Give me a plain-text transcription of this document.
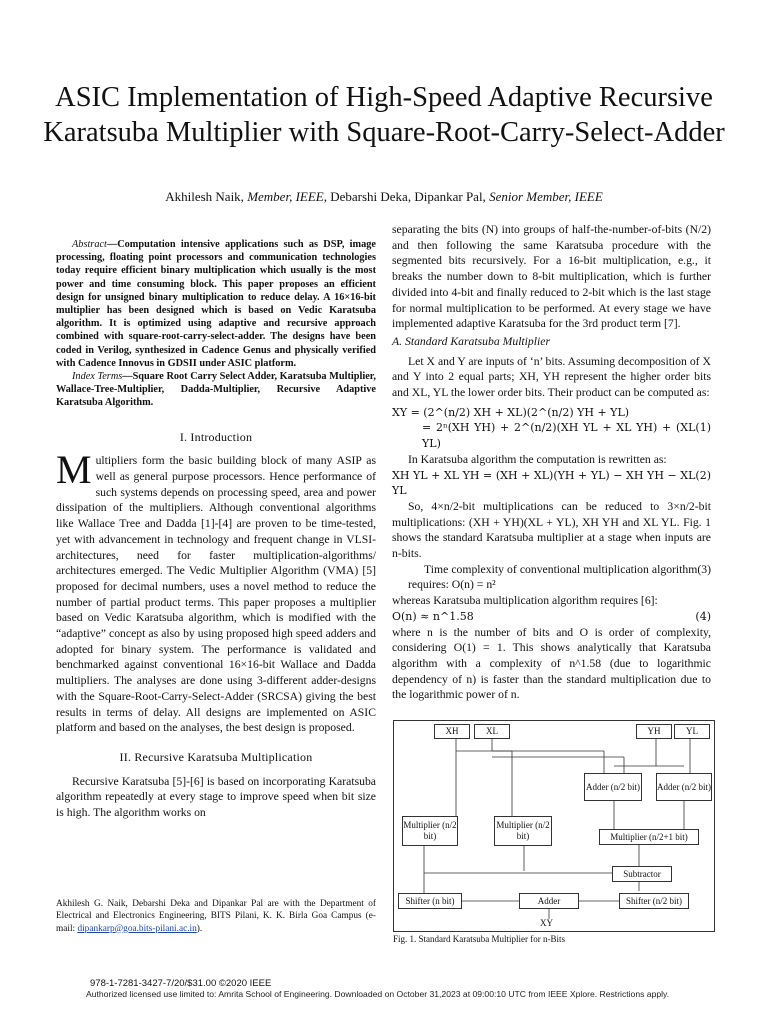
ASIC Implementation of High-Speed Adaptive Recursive Karatsuba Multiplier with Square-Root-Carry-Select-Adder
Akhilesh Naik, Member, IEEE, Debarshi Deka, Dipankar Pal, Senior Member, IEEE

Abstract—Computation intensive applications such as DSP, image processing, floating point processors and communication technologies today require efficient binary multiplication which usually is the most power and time consuming block. This paper proposes an efficient design for unsigned binary multiplication to reduce delay. A 16×16-bit multiplier has been designed which is based on Vedic Karatsuba algorithm. It is optimized using adaptive and recursive approach combined with square-root-carry-select-adder. The designs have been coded in Verilog, synthesized in Cadence Genus and physically verified with Cadence Innovus in GDSII under ASIC platform.

Index Terms—Square Root Carry Select Adder, Karatsuba Multiplier, Wallace-Tree-Multiplier, Dadda-Multiplier, Recursive Adaptive Karatsuba Algorithm.

I. Introduction

Multipliers form the basic building block of many ASIP as well as general purpose processors. Hence performance of such systems depends on processing speed, area and power dissipation of the multipliers. Although conventional algorithms like Wallace Tree and Dadda [1]-[4] are proven to be time-tested, yet with advancement in technology and frequent change in VLSI-architectures, need for faster multiplication-algorithms/ architectures emerged. The Vedic Multiplier Algorithm (VMA) [5] proposed for decimal numbers, uses a novel method to reduce the number of partial product terms. This paper proposes a multiplier based on Vedic Karatsuba algorithm, which is modified with the “adaptive” concept as also by using proposed high speed adders and adopted for binary system. The performance is validated and benchmarked against conventional 16×16-bit Wallace and Dadda multipliers. The analyses are done using 3-different adder-designs with the Square-Root-Carry-Select-Adder (SRCSA) giving the best results in terms of delay. All designs are implemented on ASIC platform and based on the analyses, the best design is proposed.

II. Recursive Karatsuba Multiplication

Recursive Karatsuba [5]-[6] is based on incorporating Karatsuba algorithm repeatedly at every stage to improve speed when bit size is high. The algorithm works on

Akhilesh G. Naik, Debarshi Deka and Dipankar Pal are with the Department of Electrical and Electronics Engineering, BITS Pilani, K. K. Birla Goa Campus (e-mail: dipankarp@goa.bits-pilani.ac.in).

separating the bits (N) into groups of half-the-number-of-bits (N/2) and then following the same Karatsuba procedure with the segmented bits recursively. For a 16-bit multiplication, e.g., it breaks the number down to 8-bit multiplication, which is further divided into 4-bit and finally reduced to 2-bit which is the last stage for normal multiplication to be performed. At every stage we have implemented adaptive Karatsuba for the 3rd product term [7].

A. Standard Karatsuba Multiplier

Let X and Y are inputs of ‘n’ bits. Assuming decomposition of X and Y into 2 equal parts; XH, YH represent the higher order bits and XL, YL the lower order bits. Their product can be computed as:

XY = (2^(n/2) XH + XL)(2^(n/2) YH + YL)
= 2ⁿ(XH YH) + 2^(n/2)(XH YL + XL YH) + (XL YL)
(1)

In Karatsuba algorithm the computation is rewritten as:

XH YL + XL YH = (XH + XL)(YH + YL) − XH YH − XL YL
(2)

So, 4×n/2-bit multiplications can be reduced to 3×n/2-bit multiplications: (XH + YH)(XL + YL), XH YH and XL YL. Fig. 1 shows the standard Karatsuba multiplier at a stage when inputs are n-bits.

Time complexity of conventional multiplication algorithm requires: O(n) = n²
(3)

whereas Karatsuba multiplication algorithm requires [6]:

O(n) ≈ n^1.58	(4)

where n is the number of bits and O is order of complexity, considering O(1) = 1. This shows analytically that Karatsuba algorithm with a complexity of n^1.58 (due to logarithmic dependency of n) is faster than the standard multiplication due to the logarithmic power of n.

XH	XL	YH	YL
Adder (n/2 bit) Adder (n/2 bit)
Multiplier (n/2 bit)
Multiplier (n/2 bit)	Multiplier (n/2+1 bit)
Subtractor
Shifter (n bit)	Adder	Shifter (n/2 bit)
XY
Fig. 1. Standard Karatsuba Multiplier for n-Bits
978-1-7281-3427-7/20/$31.00 ©2020 IEEE
Authorized licensed use limited to: Amrita School of Engineering. Downloaded on October 31,2023 at 09:00:10 UTC from IEEE Xplore. Restrictions apply.
